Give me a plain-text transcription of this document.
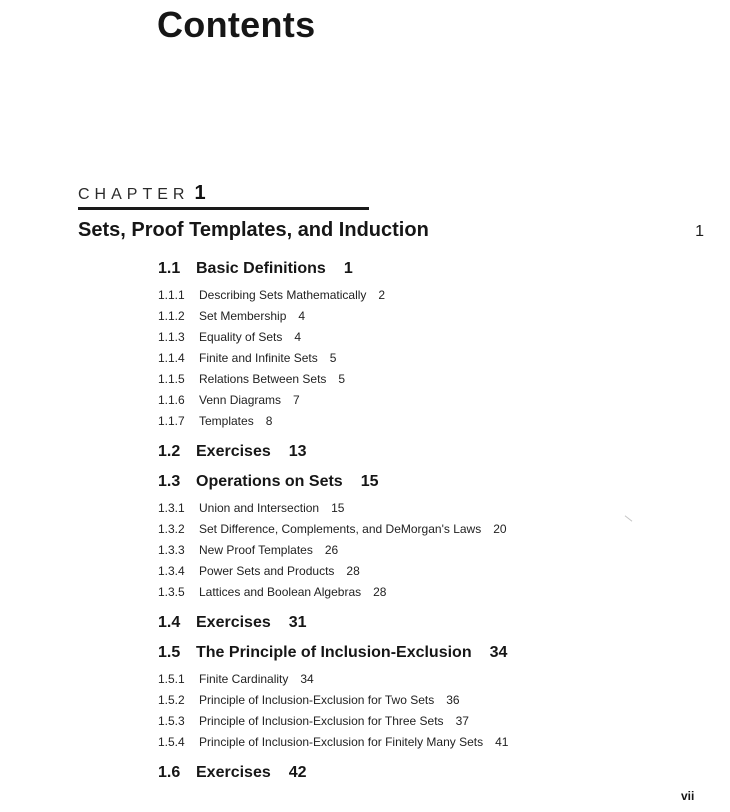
Contents
CHAPTER 1
Sets, Proof Templates, and Induction	1
1.1 Basic Definitions 1
1.1.1	Describing Sets Mathematically 2
1.1.2	Set Membership 4
1.1.3	Equality of Sets 4
1.1.4	Finite and Infinite Sets 5
1.1.5	Relations Between Sets 5
1.1.6	Venn Diagrams 7
1.1.7	Templates 8
1.2 Exercises 13
1.3 Operations on Sets 15
1.3.1	Union and Intersection 15
1.3.2	Set Difference, Complements, and DeMorgan's Laws 20
1.3.3	New Proof Templates 26
1.3.4	Power Sets and Products 28
1.3.5	Lattices and Boolean Algebras 28
1.4 Exercises 31
1.5 The Principle of Inclusion-Exclusion 34
1.5.1	Finite Cardinality 34
1.5.2	Principle of Inclusion-Exclusion for Two Sets 36
1.5.3	Principle of Inclusion-Exclusion for Three Sets 37
1.5.4	Principle of Inclusion-Exclusion for Finitely Many Sets 41
1.6 Exercises 42
vii
